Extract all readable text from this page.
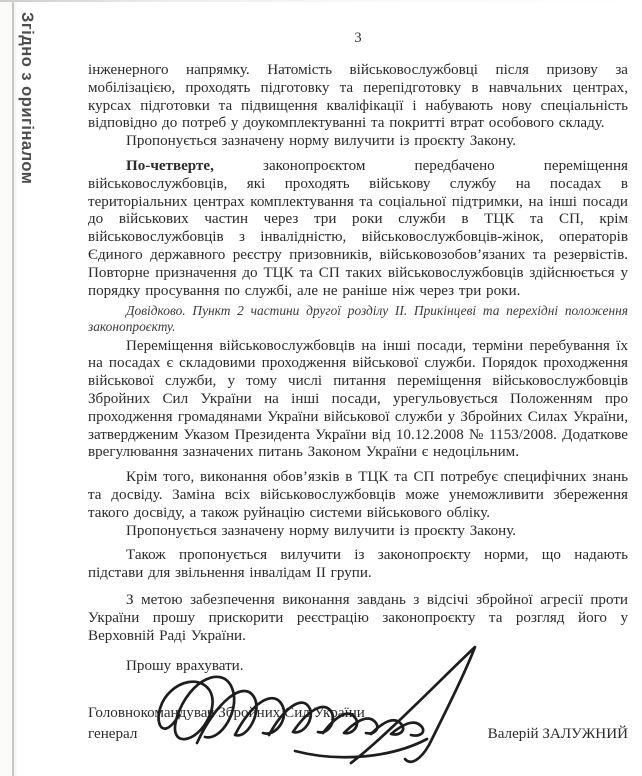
Згідно з оригіналом	3

інженерного напрямку. Натомість військовослужбовці після призову за мобілізацією, проходять підготовку та перепідготовку в навчальних центрах, курсах підготовки та підвищення кваліфікації і набувають нову спеціальність відповідно до потреб у доукомплектуванні та покритті втрат особового складу.

Пропонується зазначену норму вилучити із проєкту Закону.

По-четверте, законопроєктом передбачено переміщення військовослужбовців, які проходять військову службу на посадах в територіальних центрах комплектування та соціальної підтримки, на інші посади до військових частин через три роки служби в ТЦК та СП, крім військовослужбовців з інвалідністю, військовослужбовців-жінок, операторів Єдиного державного реєстру призовників, військовозобов’язаних та резервістів. Повторне призначення до ТЦК та СП таких військовослужбовців здійснюється у порядку просування по службі, але не раніше ніж через три роки.

Довідково. Пункт 2 частини другої розділу II. Прикінцеві та перехідні положення законопроєкту.

Переміщення військовослужбовців на інші посади, терміни перебування їх на посадах є складовими проходження військової служби. Порядок проходження військової служби, у тому числі питання переміщення військовослужбовців Збройних Сил України на інші посади, урегульовується Положенням про проходження громадянами України військової служби у Збройних Силах України, затвердженим Указом Президента України від 10.12.2008 № 1153/2008. Додаткове врегулювання зазначених питань Законом України є недоцільним.

Крім того, виконання обов’язків в ТЦК та СП потребує специфічних знань та досвіду. Заміна всіх військовослужбовців може унеможливити збереження такого досвіду, а також руйнацію системи військового обліку.

Пропонується зазначену норму вилучити із проєкту Закону.

Також пропонується вилучити із законопроєкту норми, що надають підстави для звільнення інвалідам II групи.

З метою забезпечення виконання завдань з відсічі збройної агресії проти України прошу прискорити реєстрацію законопроєкту та розгляд його у Верховній Раді України.

Прошу врахувати.

Головнокомандувач Збройних Сил України
генерал	Валерій ЗАЛУЖНИЙ
